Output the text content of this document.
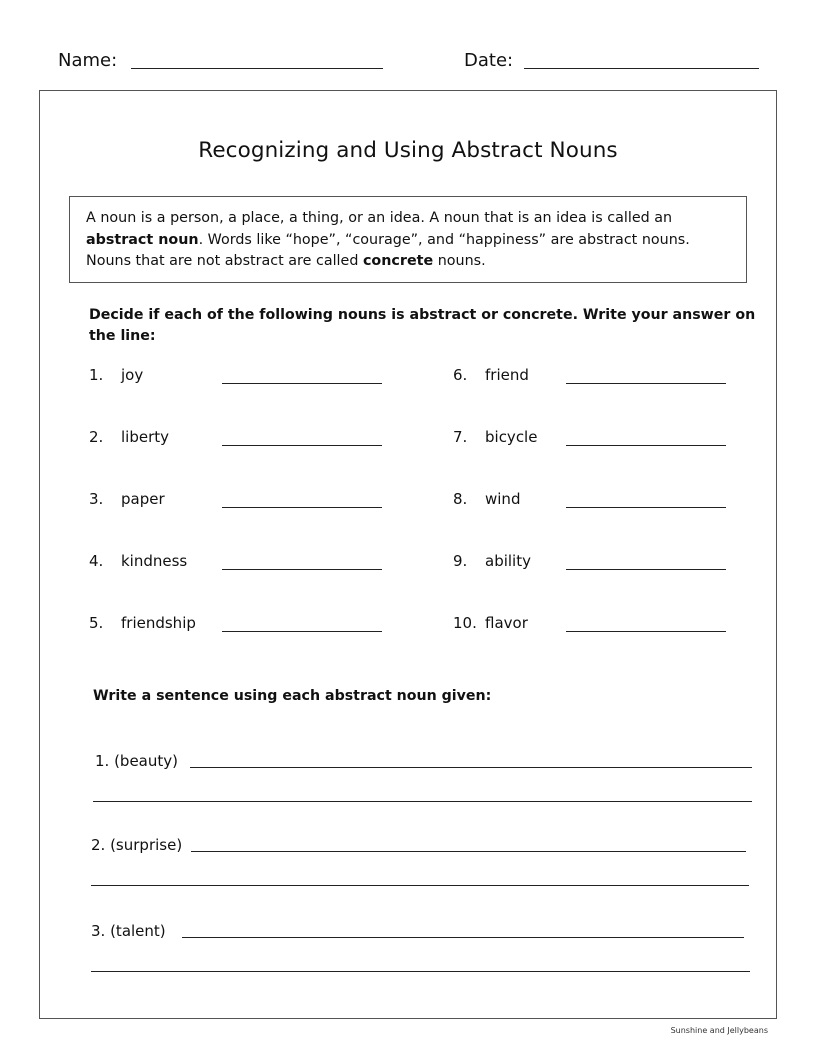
Name:	Date:
Recognizing and Using Abstract Nouns
A noun is a person, a place, a thing, or an idea. A noun that is an idea is called an
abstract noun. Words like “hope”, “courage”, and “happiness” are abstract nouns.
Nouns that are not abstract are called concrete nouns.
Decide if each of the following nouns is abstract or concrete. Write your answer on
the line:
1. joy
2. liberty
3. paper
4. kindness
5. friendship
6. friend
7. bicycle
8. wind
9. ability
10. flavor
Write a sentence using each abstract noun given:
1. (beauty)
2. (surprise)
3. (talent)
Sunshine and Jellybeans
